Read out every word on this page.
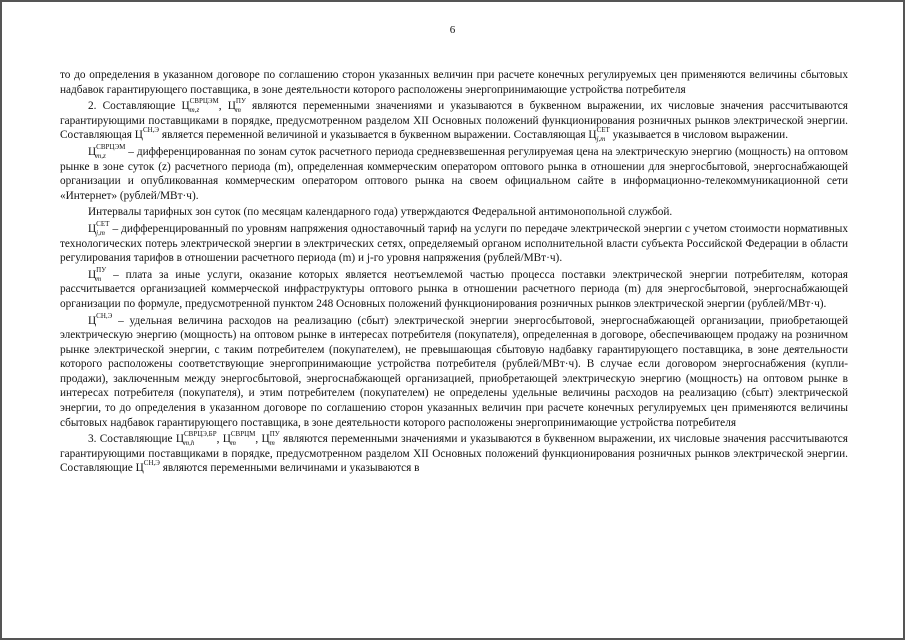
6

то до определения в указанном договоре по соглашению сторон указанных величин при расчете конечных регулируемых цен применяются величины сбытовых надбавок гарантирующего поставщика, в зоне деятельности которого расположены энергопринимающие устройства потребителя

2. Составляющие $Ц^{СВРЦЭМ}_{m,z}$ , $Ц^{ПУ}_m$ являются переменными значениями и указываются в буквенном выражении, их числовые значения рассчитываются гарантирующими поставщиками в порядке, предусмотренном разделом XII Основных положений функционирования розничных рынков электрической энергии. Составляющая $Ц^{СН,Э}$ является переменной величиной и указывается в буквенном выражении. Составляющая $Ц^{СЕТ}_{j,m}$ указывается в числовом выражении.

$Ц^{СВРЦЭМ}_{m,z}$ – дифференцированная по зонам суток расчетного периода средневзвешенная регулируемая цена на электрическую энергию (мощность) на оптовом рынке в зоне суток (z) расчетного периода (m), определенная коммерческим оператором оптового рынка в отношении для энергосбытовой, энергоснабжающей организации и опубликованная коммерческим оператором оптового рынка на своем официальном сайте в информационно-телекоммуникационной сети «Интернет» (рублей/МВт·ч).

Интервалы тарифных зон суток (по месяцам календарного года) утверждаются Федеральной антимонопольной службой.

$Ц^{СЕТ}_{j,m}$ – дифференцированный по уровням напряжения одноставочный тариф на услуги по передаче электрической энергии с учетом стоимости нормативных технологических потерь электрической энергии в электрических сетях, определяемый органом исполнительной власти субъекта Российской Федерации в области регулирования тарифов в отношении расчетного периода (m) и j-го уровня напряжения (рублей/МВт·ч).

$Ц^{ПУ}_m$ – плата за иные услуги, оказание которых является неотъемлемой частью процесса поставки электрической энергии потребителям, которая рассчитывается организацией коммерческой инфраструктуры оптового рынка в отношении расчетного периода (m) для энергосбытовой, энергоснабжающей организации по формуле, предусмотренной пунктом 248 Основных положений функционирования розничных рынков электрической энергии (рублей/МВт·ч).

$Ц^{СН,Э}$ – удельная величина расходов на реализацию (сбыт) электрической энергии энергосбытовой, энергоснабжающей организации, приобретающей электрическую энергию (мощность) на оптовом рынке в интересах потребителя (покупателя), определенная в договоре, обеспечивающем продажу на розничном рынке электрической энергии, с таким потребителем (покупателем), не превышающая сбытовую надбавку гарантирующего поставщика, в зоне деятельности которого расположены соответствующие энергопринимающие устройства потребителя (рублей/МВт·ч). В случае если договором энергоснабжения (купли-продажи), заключенным между энергосбытовой, энергоснабжающей организацией, приобретающей электрическую энергию (мощность) на оптовом рынке в интересах потребителя (покупателя), и этим потребителем (покупателем) не определены удельные величины расходов на реализацию (сбыт) электрической энергии, то до определения в указанном договоре по соглашению сторон указанных величин при расчете конечных регулируемых цен применяются величины сбытовых надбавок гарантирующего поставщика, в зоне деятельности которого расположены энергопринимающие устройства потребителя

3. Составляющие $Ц^{СВРЦЭ,БР}_{m,h}$ , $Ц^{СВРЦМ}_m$ , $Ц^{ПУ}_m$ являются переменными значениями и указываются в буквенном выражении, их числовые значения рассчитываются гарантирующими поставщиками в порядке, предусмотренном разделом XII Основных положений функционирования розничных рынков электрической энергии. Составляющие $Ц^{СН,Э}$ являются переменными величинами и указываются в
